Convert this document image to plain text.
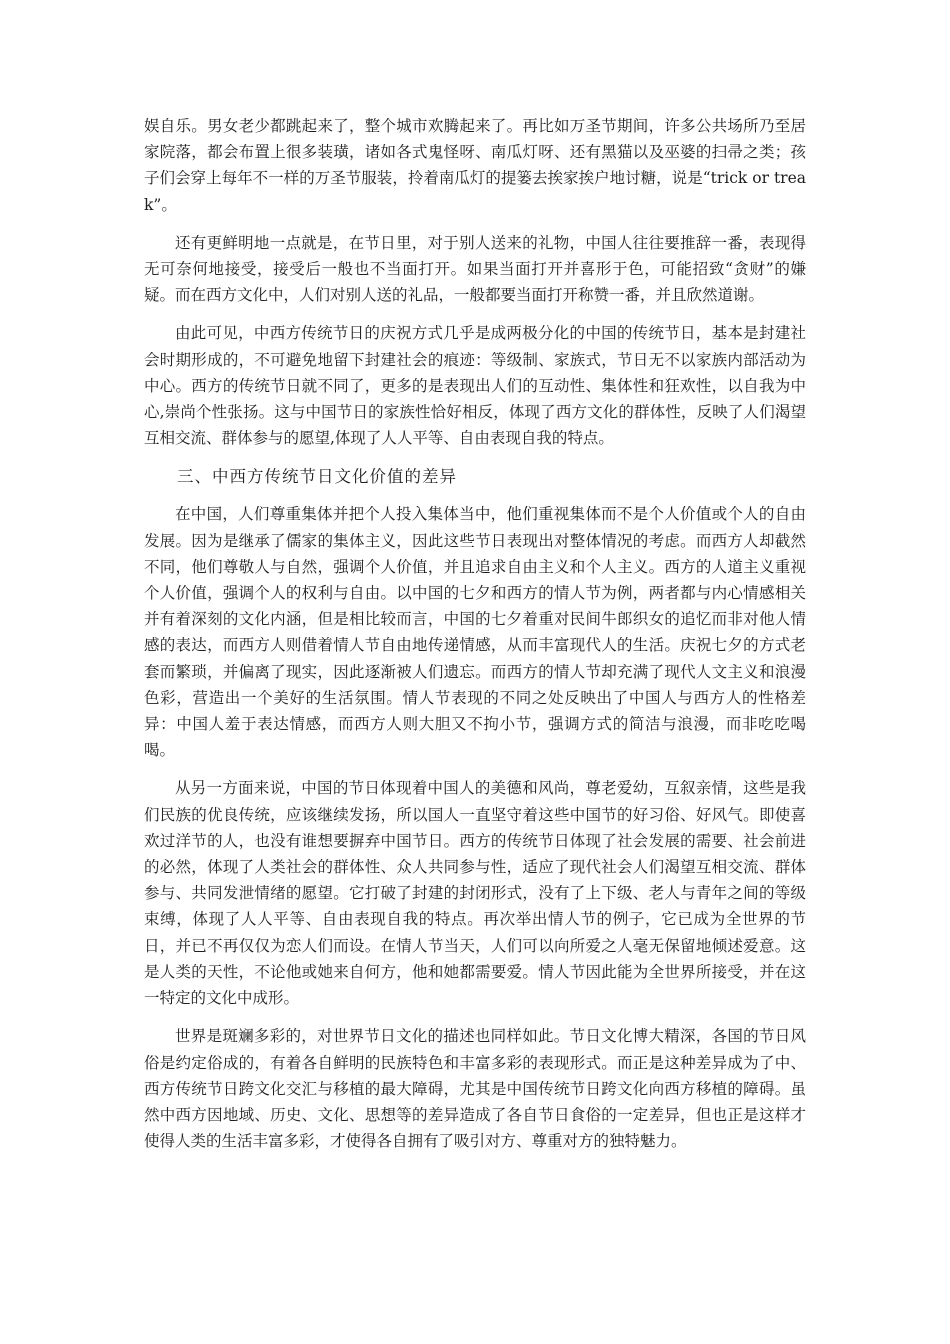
娱自乐。男女老少都跳起来了，整个城市欢腾起来了。再比如万圣节期间，许多公共场所乃至居家院落，都会布置上很多装璜，诸如各式鬼怪呀、南瓜灯呀、还有黑猫以及巫婆的扫帚之类；孩子们会穿上每年不一样的万圣节服装，拎着南瓜灯的提篓去挨家挨户地讨糖，说是“trick or treak”。

还有更鲜明地一点就是，在节日里，对于别人送来的礼物，中国人往往要推辞一番，表现得无可奈何地接受，接受后一般也不当面打开。如果当面打开并喜形于色，可能招致“贪财”的嫌疑。而在西方文化中，人们对别人送的礼品，一般都要当面打开称赞一番，并且欣然道谢。

由此可见，中西方传统节日的庆祝方式几乎是成两极分化的中国的传统节日，基本是封建社会时期形成的，不可避免地留下封建社会的痕迹：等级制、家族式，节日无不以家族内部活动为中心。西方的传统节日就不同了，更多的是表现出人们的互动性、集体性和狂欢性，以自我为中心,崇尚个性张扬。这与中国节日的家族性恰好相反，体现了西方文化的群体性，反映了人们渴望互相交流、群体参与的愿望,体现了人人平等、自由表现自我的特点。

三、中西方传统节日文化价值的差异

在中国，人们尊重集体并把个人投入集体当中，他们重视集体而不是个人价值或个人的自由发展。因为是继承了儒家的集体主义，因此这些节日表现出对整体情况的考虑。而西方人却截然不同，他们尊敬人与自然，强调个人价值，并且追求自由主义和个人主义。西方的人道主义重视个人价值，强调个人的权利与自由。以中国的七夕和西方的情人节为例，两者都与内心情感相关并有着深刻的文化内涵，但是相比较而言，中国的七夕着重对民间牛郎织女的追忆而非对他人情感的表达，而西方人则借着情人节自由地传递情感，从而丰富现代人的生活。庆祝七夕的方式老套而繁琐，并偏离了现实，因此逐渐被人们遗忘。而西方的情人节却充满了现代人文主义和浪漫色彩，营造出一个美好的生活氛围。情人节表现的不同之处反映出了中国人与西方人的性格差异：中国人羞于表达情感，而西方人则大胆又不拘小节，强调方式的简洁与浪漫，而非吃吃喝喝。

从另一方面来说，中国的节日体现着中国人的美德和风尚，尊老爱幼，互叙亲情，这些是我们民族的优良传统，应该继续发扬，所以国人一直坚守着这些中国节的好习俗、好风气。即使喜欢过洋节的人，也没有谁想要摒弃中国节日。西方的传统节日体现了社会发展的需要、社会前进的必然，体现了人类社会的群体性、众人共同参与性，适应了现代社会人们渴望互相交流、群体参与、共同发泄情绪的愿望。它打破了封建的封闭形式，没有了上下级、老人与青年之间的等级束缚，体现了人人平等、自由表现自我的特点。再次举出情人节的例子，它已成为全世界的节日，并已不再仅仅为恋人们而设。在情人节当天，人们可以向所爱之人毫无保留地倾述爱意。这是人类的天性，不论他或她来自何方，他和她都需要爱。情人节因此能为全世界所接受，并在这一特定的文化中成形。

世界是斑斓多彩的，对世界节日文化的描述也同样如此。节日文化博大精深，各国的节日风俗是约定俗成的，有着各自鲜明的民族特色和丰富多彩的表现形式。而正是这种差异成为了中、西方传统节日跨文化交汇与移植的最大障碍，尤其是中国传统节日跨文化向西方移植的障碍。虽然中西方因地域、历史、文化、思想等的差异造成了各自节日食俗的一定差异，但也正是这样才使得人类的生活丰富多彩，才使得各自拥有了吸引对方、尊重对方的独特魅力。
